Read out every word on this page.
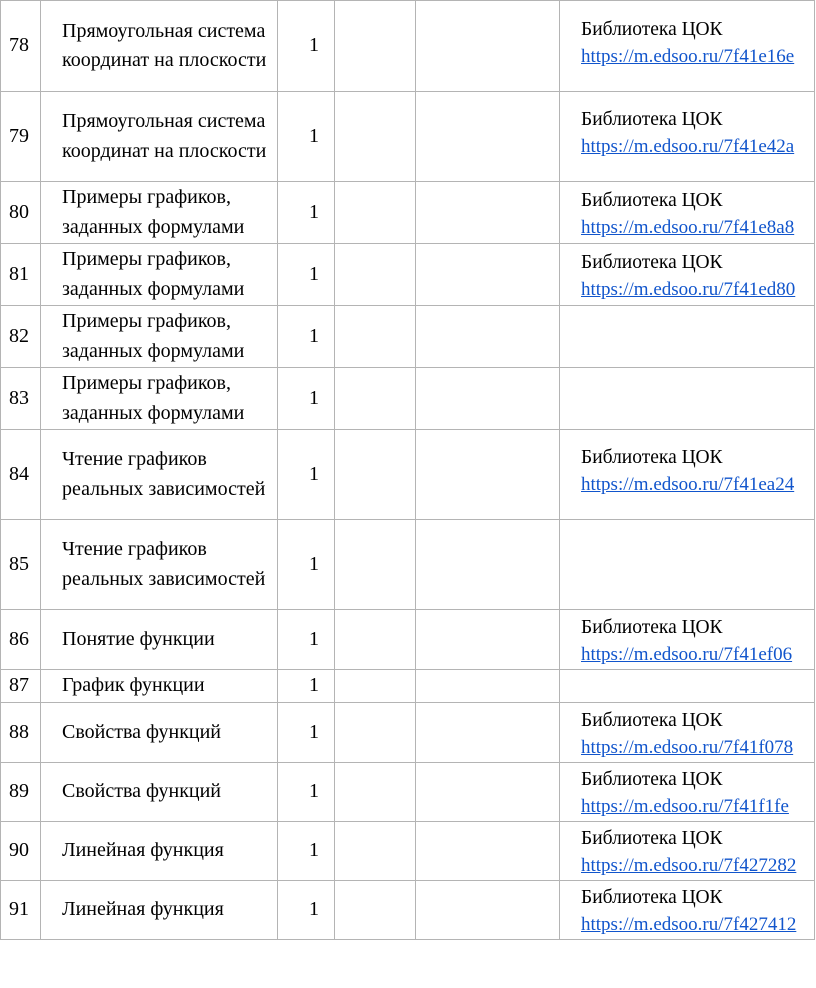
78	Прямоугольная система координат на плоскости	1			Библиотека ЦОК
https://m.edsoo.ru/7f41e16e

79	Прямоугольная система координат на плоскости	1			Библиотека ЦОК
https://m.edsoo.ru/7f41e42a

80	Примеры графиков, заданных формулами	1			Библиотека ЦОК
https://m.edsoo.ru/7f41e8a8

81	Примеры графиков, заданных формулами	1			Библиотека ЦОК
https://m.edsoo.ru/7f41ed80

82	Примеры графиков, заданных формулами	1			
83	Примеры графиков, заданных формулами	1			
84	Чтение графиков реальных зависимостей	1			Библиотека ЦОК
https://m.edsoo.ru/7f41ea24

85	Чтение графиков реальных зависимостей	1			
86	Понятие функции	1			Библиотека ЦОК
https://m.edsoo.ru/7f41ef06

87	График функции	1			
88	Свойства функций	1			Библиотека ЦОК
https://m.edsoo.ru/7f41f078

89	Свойства функций	1			Библиотека ЦОК
https://m.edsoo.ru/7f41f1fe

90	Линейная функция	1			Библиотека ЦОК
https://m.edsoo.ru/7f427282

91	Линейная функция	1			Библиотека ЦОК
https://m.edsoo.ru/7f427412
